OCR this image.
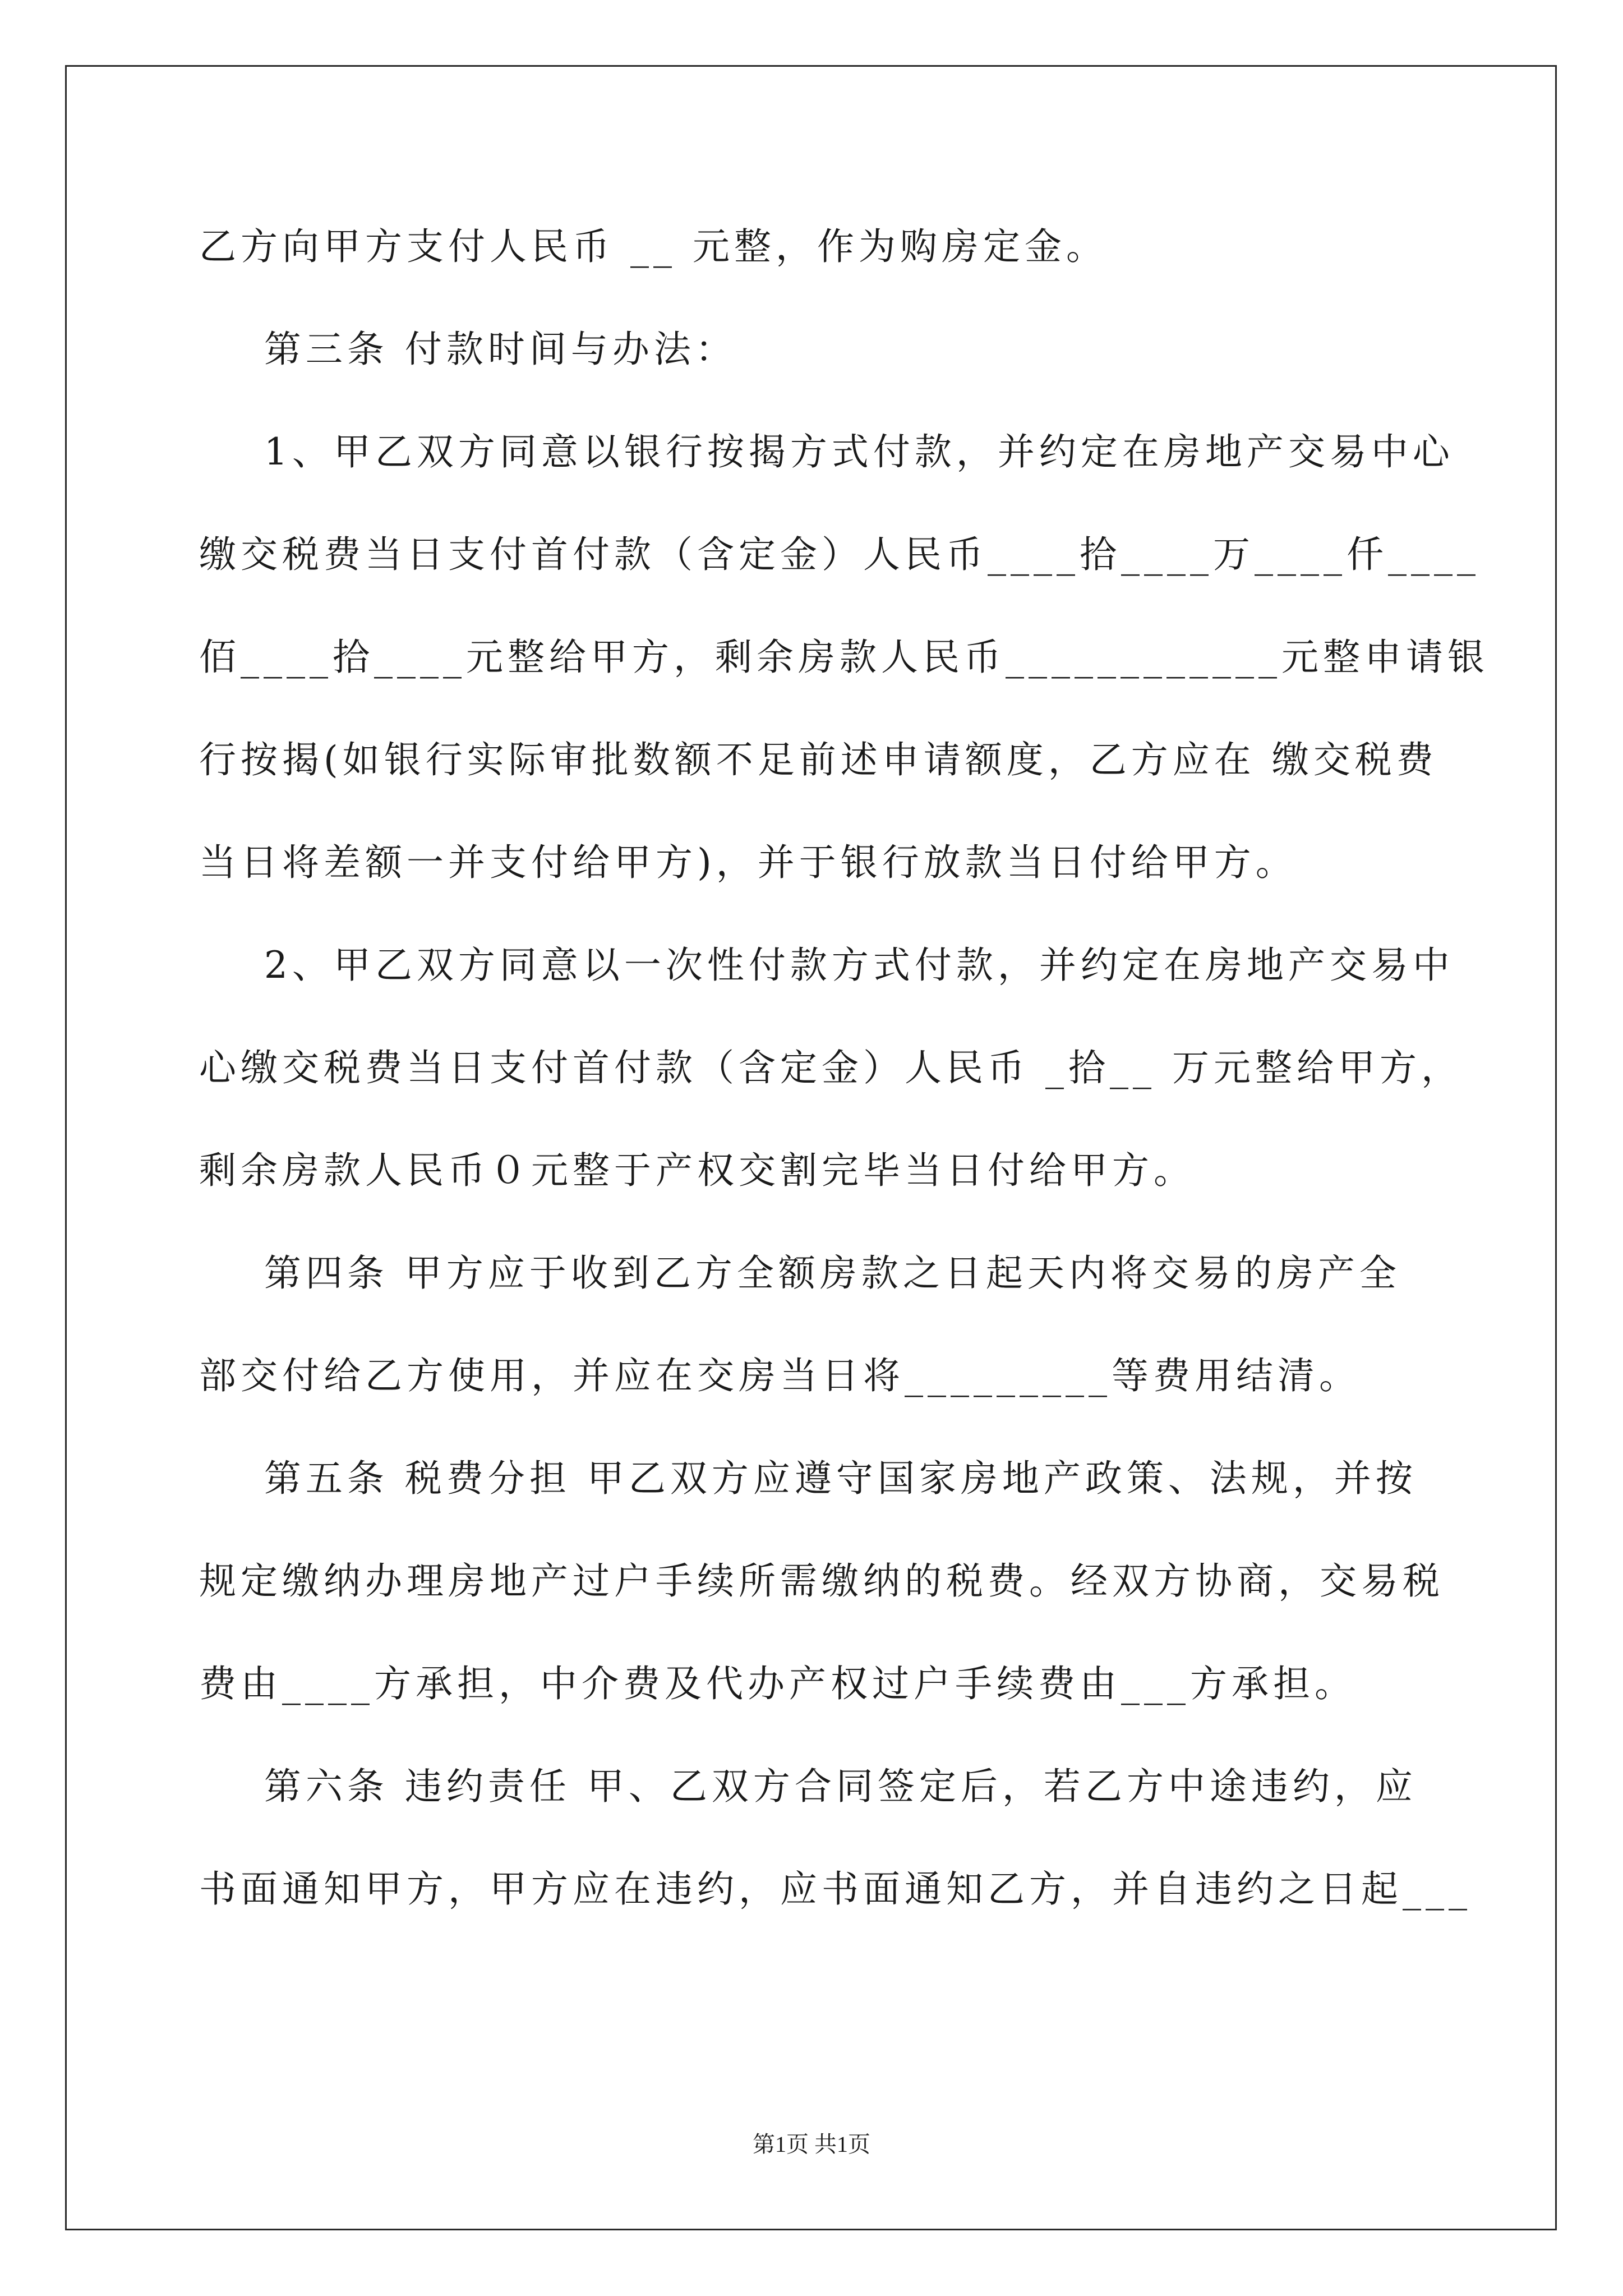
乙方向甲方支付人民币 __ 元整，作为购房定金。
第三条 付款时间与办法：
1、甲乙双方同意以银行按揭方式付款，并约定在房地产交易中心
缴交税费当日支付首付款（含定金）人民币____拾____万____仟____
佰____拾____元整给甲方，剩余房款人民币____________元整申请银
行按揭(如银行实际审批数额不足前述申请额度，乙方应在 缴交税费
当日将差额一并支付给甲方)，并于银行放款当日付给甲方。
2、甲乙双方同意以一次性付款方式付款，并约定在房地产交易中
心缴交税费当日支付首付款（含定金）人民币 _拾__ 万元整给甲方，
剩余房款人民币０元整于产权交割完毕当日付给甲方。
第四条 甲方应于收到乙方全额房款之日起天内将交易的房产全
部交付给乙方使用，并应在交房当日将_________等费用结清。
第五条 税费分担 甲乙双方应遵守国家房地产政策、法规，并按
规定缴纳办理房地产过户手续所需缴纳的税费。经双方协商，交易税
费由____方承担，中介费及代办产权过户手续费由___方承担。
第六条 违约责任 甲、乙双方合同签定后，若乙方中途违约，应
书面通知甲方，甲方应在违约，应书面通知乙方，并自违约之日起___
第1页 共1页
